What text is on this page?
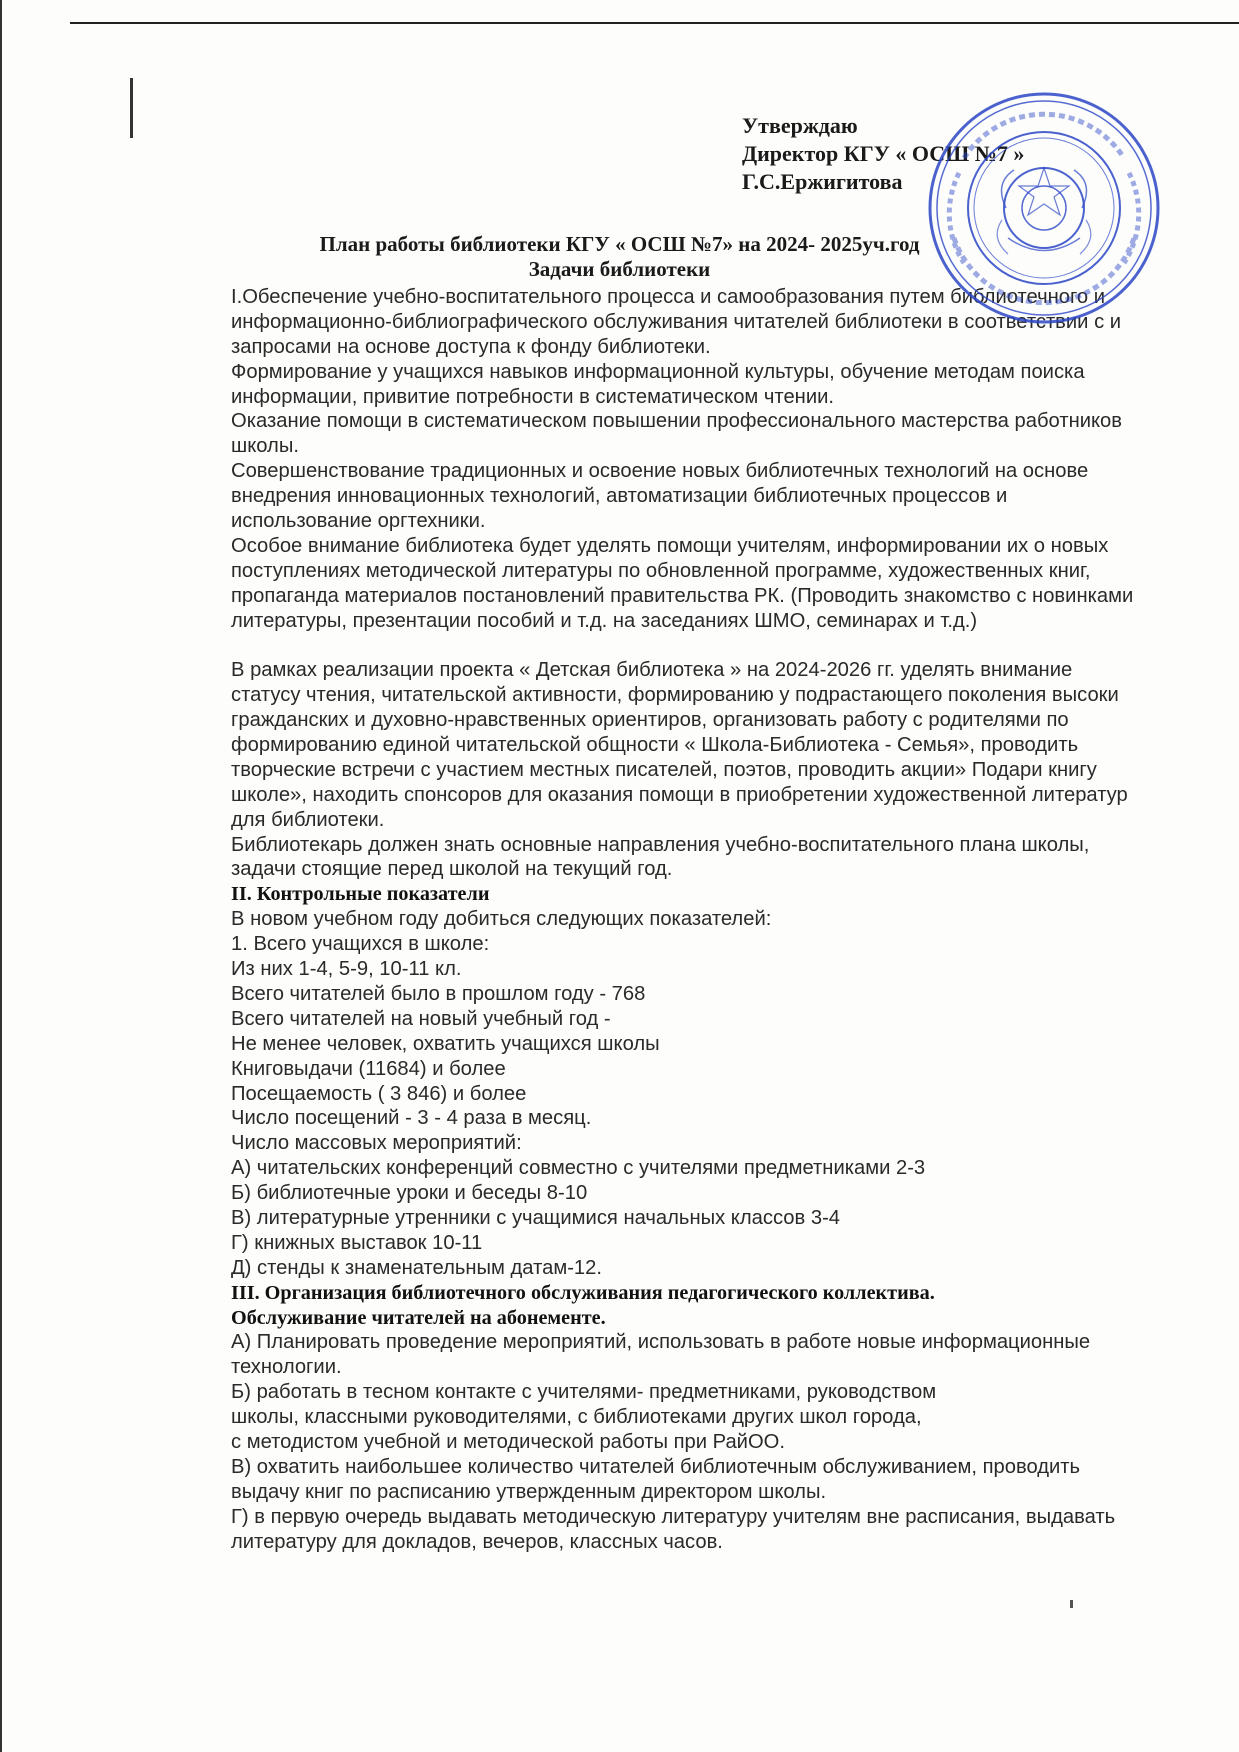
Утверждаю
Директор КГУ « ОСШ №7 »
Г.С.Ержигитова
План работы библиотеки КГУ « ОСШ №7» на 2024- 2025уч.год
Задачи библиотеки
I.Обеспечение учебно-воспитательного процесса и самообразования путем библиотечного и
информационно-библиографического обслуживания читателей библиотеки в соответствии с и
запросами на основе доступа к фонду библиотеки.
Формирование у учащихся навыков информационной культуры, обучение методам поиска
информации, привитие потребности в систематическом чтении.
Оказание помощи в систематическом повышении профессионального мастерства работников
школы.
Совершенствование традиционных и освоение новых библиотечных технологий на основе
внедрения инновационных технологий, автоматизации библиотечных процессов и
использование оргтехники.
Особое внимание библиотека будет уделять помощи учителям, информировании их о новых
поступлениях методической литературы по обновленной программе, художественных книг,
пропаганда материалов постановлений правительства РК. (Проводить знакомство с новинками
литературы, презентации пособий и т.д. на заседаниях ШМО, семинарах и т.д.)
В рамках реализации проекта « Детская библиотека » на 2024-2026 гг. уделять внимание
статусу чтения, читательской активности, формированию у подрастающего поколения высоки
гражданских и духовно-нравственных ориентиров, организовать работу с родителями по
формированию единой читательской общности « Школа-Библиотека - Семья», проводить
творческие встречи с участием местных писателей, поэтов, проводить акции» Подари книгу
школе», находить спонсоров для оказания помощи в приобретении художественной литератур
для библиотеки.
Библиотекарь должен знать основные направления учебно-воспитательного плана школы,
задачи стоящие перед школой на текущий год.
II. Контрольные показатели
В новом учебном году добиться следующих показателей:
1. Всего учащихся в школе:
Из них 1-4, 5-9, 10-11 кл.
Всего читателей было в прошлом году - 768
Всего читателей на новый учебный год -
Не менее человек, охватить учащихся школы
Книговыдачи (11684) и более
Посещаемость ( 3 846) и более
Число посещений - 3 - 4 раза в месяц.
Число массовых мероприятий:
А) читательских конференций совместно с учителями предметниками 2-3
Б) библиотечные уроки и беседы 8-10
В) литературные утренники с учащимися начальных классов 3-4
Г) книжных выставок 10-11
Д) стенды к знаменательным датам-12.
III. Организация библиотечного обслуживания педагогического коллектива.
Обслуживание читателей на абонементе.
А) Планировать проведение мероприятий, использовать в работе новые информационные
технологии.
Б) работать в тесном контакте с учителями- предметниками, руководством
школы, классными руководителями, с библиотеками других школ города,
с методистом учебной и методической работы при РайОО.
В) охватить наибольшее количество читателей библиотечным обслуживанием, проводить
выдачу книг по расписанию утвержденным директором школы.
Г) в первую очередь выдавать методическую литературу учителям вне расписания, выдавать
литературу для докладов, вечеров, классных часов.
